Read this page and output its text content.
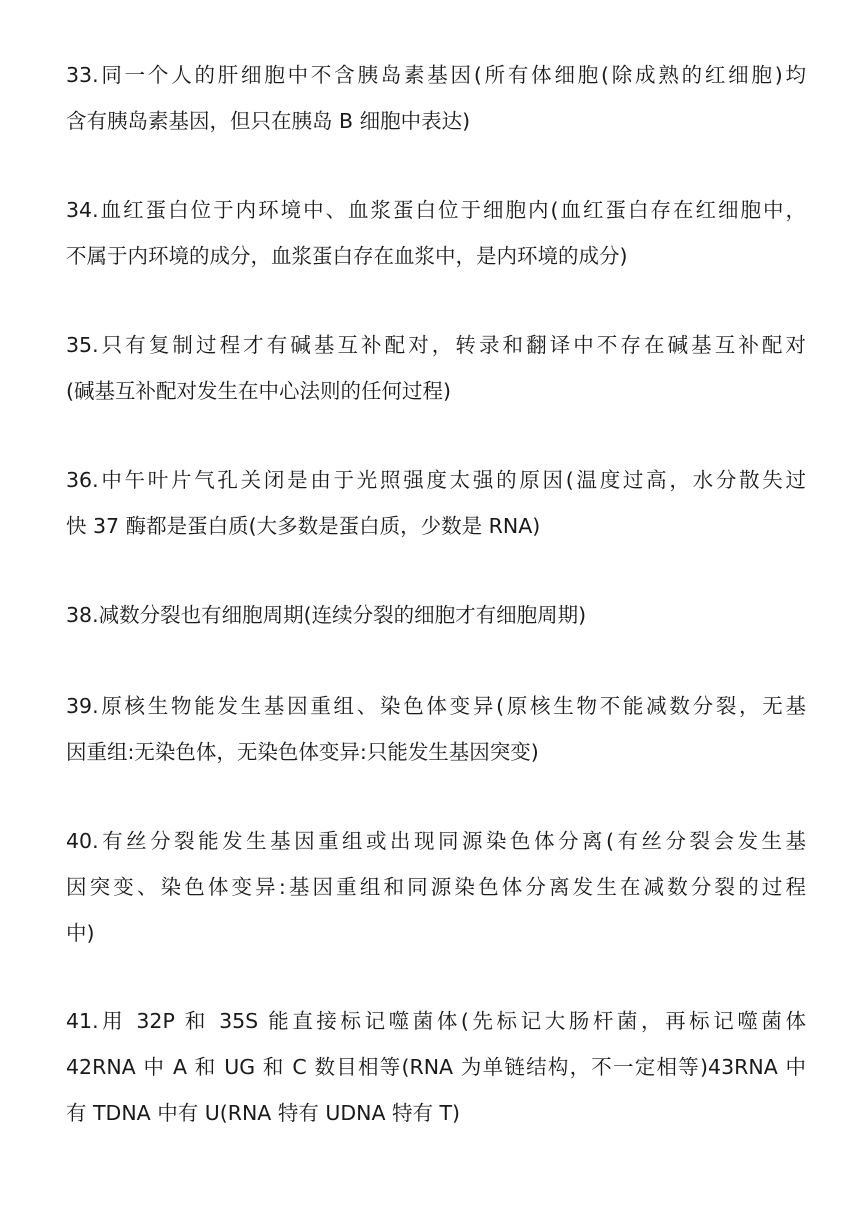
33.同一个人的肝细胞中不含胰岛素基因(所有体细胞(除成熟的红细胞)均
含有胰岛素基因，但只在胰岛 B 细胞中表达)
34.血红蛋白位于内环境中、血浆蛋白位于细胞内(血红蛋白存在红细胞中，
不属于内环境的成分，血浆蛋白存在血浆中，是内环境的成分)
35.只有复制过程才有碱基互补配对，转录和翻译中不存在碱基互补配对
(碱基互补配对发生在中心法则的任何过程)
36.中午叶片气孔关闭是由于光照强度太强的原因(温度过高，水分散失过
快 37 酶都是蛋白质(大多数是蛋白质，少数是 RNA)
38.减数分裂也有细胞周期(连续分裂的细胞才有细胞周期)
39.原核生物能发生基因重组、染色体变异(原核生物不能减数分裂，无基
因重组:无染色体，无染色体变异:只能发生基因突变)
40.有丝分裂能发生基因重组或出现同源染色体分离(有丝分裂会发生基
因突变、染色体变异:基因重组和同源染色体分离发生在减数分裂的过程
中)
41.用 32P 和 35S 能直接标记噬菌体(先标记大肠杆菌，再标记噬菌体
42RNA 中 A 和 UG 和 C 数目相等(RNA 为单链结构，不一定相等)43RNA 中
有 TDNA 中有 U(RNA 特有 UDNA 特有 T)
